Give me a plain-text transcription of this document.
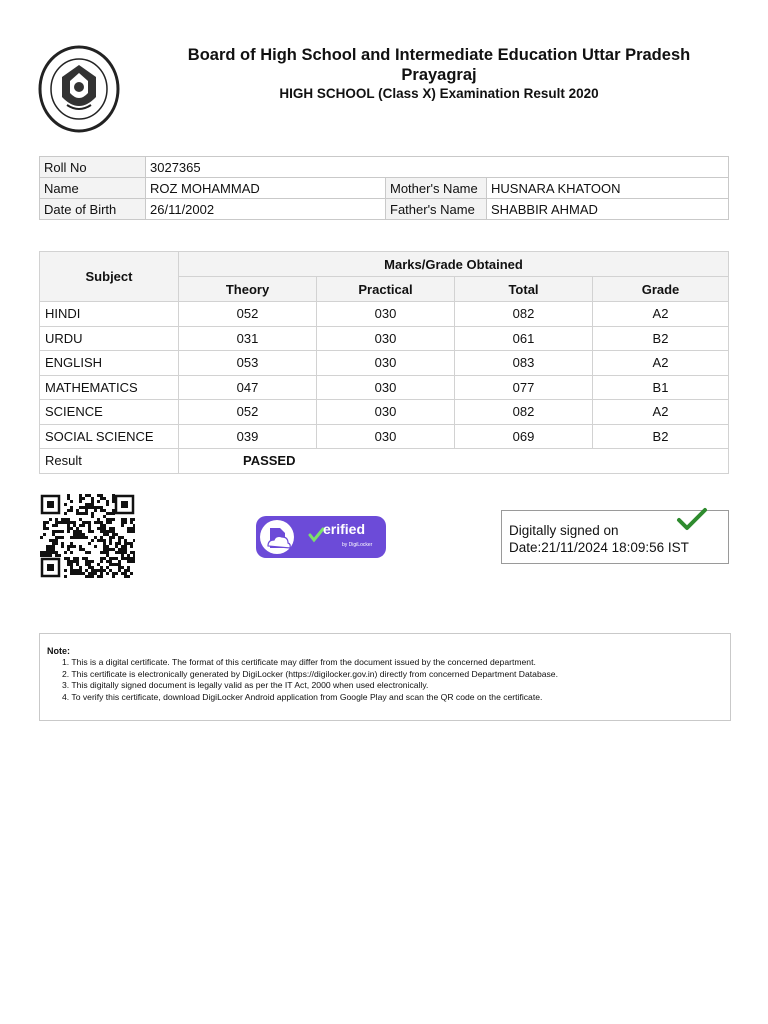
Board of High School and Intermediate Education Uttar Pradesh Prayagraj
HIGH SCHOOL (Class X) Examination Result 2020
Roll No	3027365		
Name	ROZ MOHAMMAD	Mother's Name	HUSNARA KHATOON
Date of Birth	26/11/2002	Father's Name	SHABBIR AHMAD
Subject	Marks/Grade Obtained			
	Theory	Practical	Total	Grade
HINDI	052	030	082	A2
URDU	031	030	061	B2
ENGLISH	053	030	083	A2
MATHEMATICS	047	030	077	B1
SCIENCE	052	030	082	A2
SOCIAL SCIENCE	039	030	069	B2
Result	PASSED			
erified
by DigiLocker
Digitally signed on
Date:21/11/2024 18:09:56 IST
Note:
1. This is a digital certificate. The format of this certificate may differ from the document issued by the concerned department.
2. This certificate is electronically generated by DigiLocker (https://digilocker.gov.in) directly from concerned Department Database.
3. This digitally signed document is legally valid as per the IT Act, 2000 when used electronically.
4. To verify this certificate, download DigiLocker Android application from Google Play and scan the QR code on the certificate.
